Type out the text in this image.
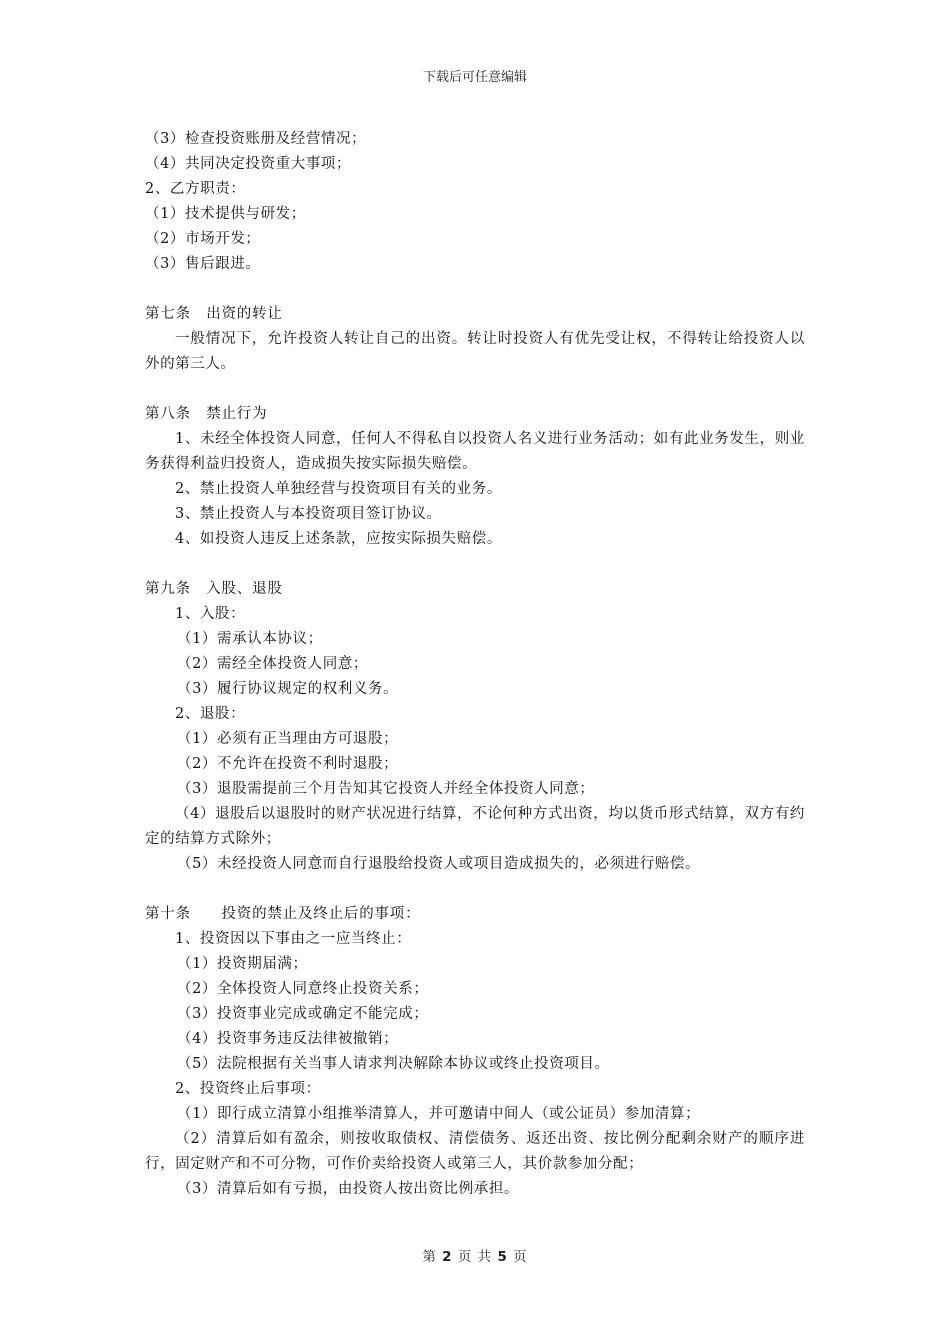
下载后可任意编辑
（3）检查投资账册及经营情况；
（4）共同决定投资重大事项；
2、乙方职责：
（1）技术提供与研发；
（2）市场开发；
（3）售后跟进。
第七条　出资的转让
一般情况下，允许投资人转让自己的出资。转让时投资人有优先受让权，不得转让给投资人以外的第三人。
第八条　禁止行为
1、未经全体投资人同意，任何人不得私自以投资人名义进行业务活动；如有此业务发生，则业务获得利益归投资人，造成损失按实际损失赔偿。
2、禁止投资人单独经营与投资项目有关的业务。
3、禁止投资人与本投资项目签订协议。
4、如投资人违反上述条款，应按实际损失赔偿。
第九条　入股、退股
1、入股：
（1）需承认本协议；
（2）需经全体投资人同意；
（3）履行协议规定的权利义务。
2、退股：
（1）必须有正当理由方可退股；
（2）不允许在投资不利时退股；
（3）退股需提前三个月告知其它投资人并经全体投资人同意；
（4）退股后以退股时的财产状况进行结算，不论何种方式出资，均以货币形式结算，双方有约定的结算方式除外；
（5）未经投资人同意而自行退股给投资人或项目造成损失的，必须进行赔偿。
第十条　　投资的禁止及终止后的事项：
1、投资因以下事由之一应当终止：
（1）投资期届满；
（2）全体投资人同意终止投资关系；
（3）投资事业完成或确定不能完成；
（4）投资事务违反法律被撤销；
（5）法院根据有关当事人请求判决解除本协议或终止投资项目。
2、投资终止后事项：
（1）即行成立清算小组推举清算人，并可邀请中间人（或公证员）参加清算；
（2）清算后如有盈余，则按收取债权、清偿债务、返还出资、按比例分配剩余财产的顺序进行，固定财产和不可分物，可作价卖给投资人或第三人，其价款参加分配；
（3）清算后如有亏损，由投资人按出资比例承担。
第 2 页 共 5 页
